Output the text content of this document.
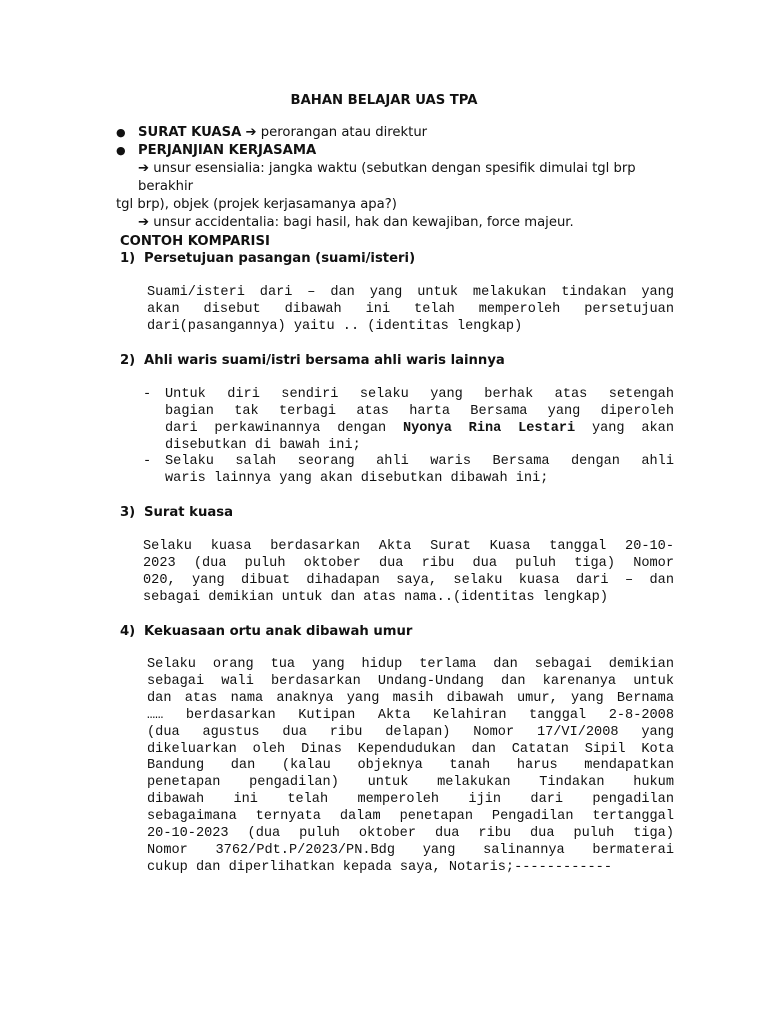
BAHAN BELAJAR UAS TPA
● SURAT KUASA ➔ perorangan atau direktur
● PERJANJIAN KERJASAMA
➔ unsur esensialia: jangka waktu (sebutkan dengan spesifik dimulai tgl brp berakhir
tgl brp), objek (projek kerjasamanya apa?)
➔ unsur accidentalia: bagi hasil, hak dan kewajiban, force majeur.
CONTOH KOMPARISI
1) Persetujuan pasangan (suami/isteri)
Suami/isteri dari – dan yang untuk melakukan tindakan yang
akan disebut dibawah ini telah memperoleh persetujuan
dari(pasangannya) yaitu .. (identitas lengkap)
2) Ahli waris suami/istri bersama ahli waris lainnya
- Untuk diri sendiri selaku yang berhak atas setengah
bagian tak terbagi atas harta Bersama yang diperoleh
dari perkawinannya dengan Nyonya Rina Lestari yang akan
disebutkan di bawah ini;
- Selaku salah seorang ahli waris Bersama dengan ahli
waris lainnya yang akan disebutkan dibawah ini;
3) Surat kuasa
Selaku kuasa berdasarkan Akta Surat Kuasa tanggal 20-10-
2023 (dua puluh oktober dua ribu dua puluh tiga) Nomor
020, yang dibuat dihadapan saya, selaku kuasa dari – dan
sebagai demikian untuk dan atas nama..(identitas lengkap)
4) Kekuasaan ortu anak dibawah umur
Selaku orang tua yang hidup terlama dan sebagai demikian
sebagai wali berdasarkan Undang-Undang dan karenanya untuk
dan atas nama anaknya yang masih dibawah umur, yang Bernama
…… berdasarkan Kutipan Akta Kelahiran tanggal 2-8-2008
(dua agustus dua ribu delapan) Nomor 17/VI/2008 yang
dikeluarkan oleh Dinas Kependudukan dan Catatan Sipil Kota
Bandung dan (kalau objeknya tanah harus mendapatkan
penetapan pengadilan) untuk melakukan Tindakan hukum
dibawah ini telah memperoleh ijin dari pengadilan
sebagaimana ternyata dalam penetapan Pengadilan tertanggal
20-10-2023 (dua puluh oktober dua ribu dua puluh tiga)
Nomor 3762/Pdt.P/2023/PN.Bdg yang salinannya bermaterai
cukup dan diperlihatkan kepada saya, Notaris;------------
